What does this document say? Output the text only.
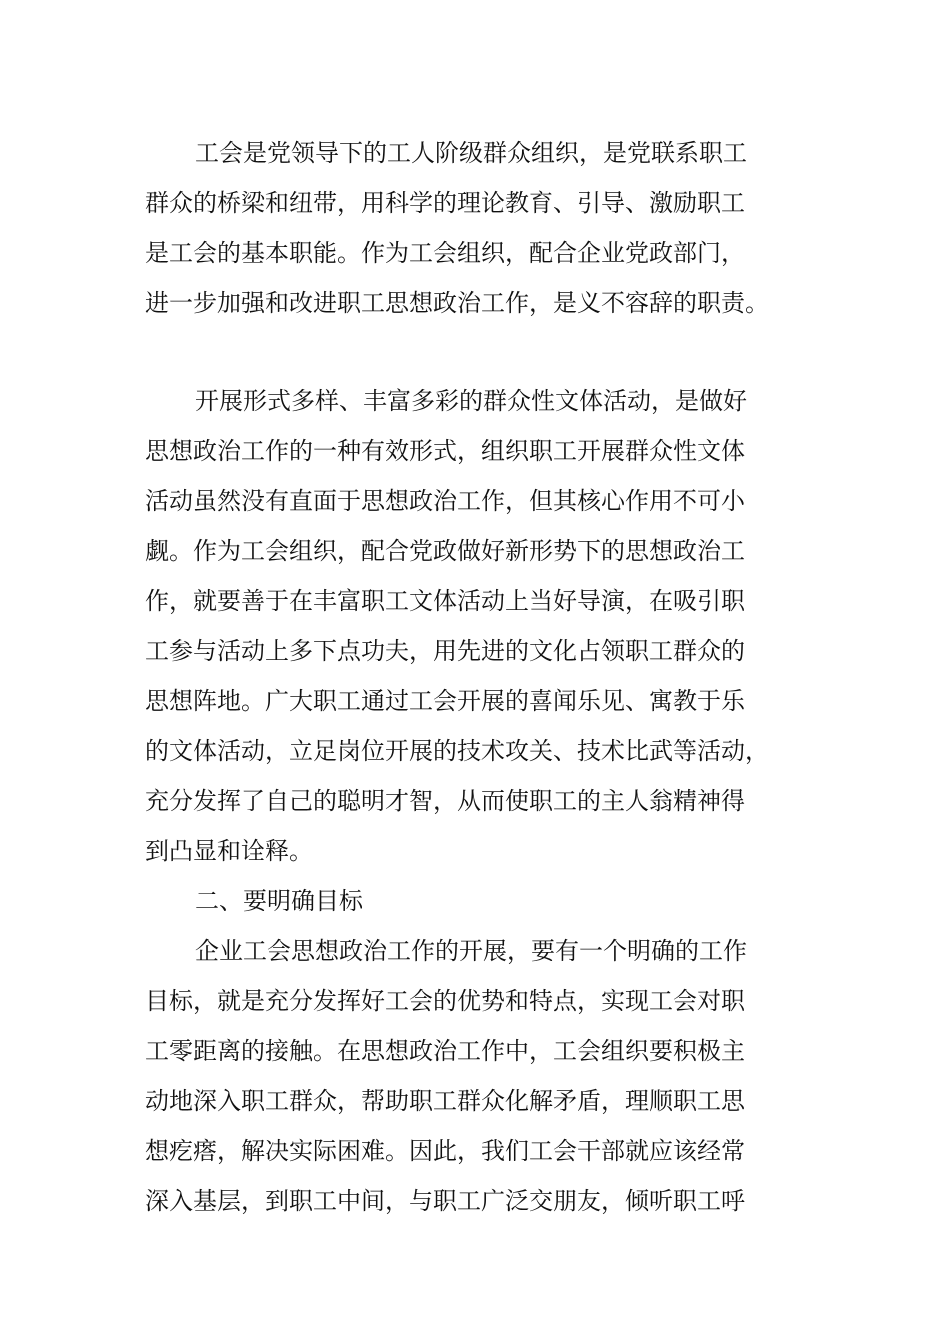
工会是党领导下的工人阶级群众组织，是党联系职工
群众的桥梁和纽带，用科学的理论教育、引导、激励职工
是工会的基本职能。作为工会组织，配合企业党政部门，
进一步加强和改进职工思想政治工作，是义不容辞的职责。
开展形式多样、丰富多彩的群众性文体活动，是做好
思想政治工作的一种有效形式，组织职工开展群众性文体
活动虽然没有直面于思想政治工作，但其核心作用不可小
觑。作为工会组织，配合党政做好新形势下的思想政治工
作，就要善于在丰富职工文体活动上当好导演，在吸引职
工参与活动上多下点功夫，用先进的文化占领职工群众的
思想阵地。广大职工通过工会开展的喜闻乐见、寓教于乐
的文体活动，立足岗位开展的技术攻关、技术比武等活动，
充分发挥了自己的聪明才智，从而使职工的主人翁精神得
到凸显和诠释。
二、要明确目标
企业工会思想政治工作的开展，要有一个明确的工作
目标，就是充分发挥好工会的优势和特点，实现工会对职
工零距离的接触。在思想政治工作中，工会组织要积极主
动地深入职工群众，帮助职工群众化解矛盾，理顺职工思
想疙瘩，解决实际困难。因此，我们工会干部就应该经常
深入基层，到职工中间，与职工广泛交朋友，倾听职工呼
